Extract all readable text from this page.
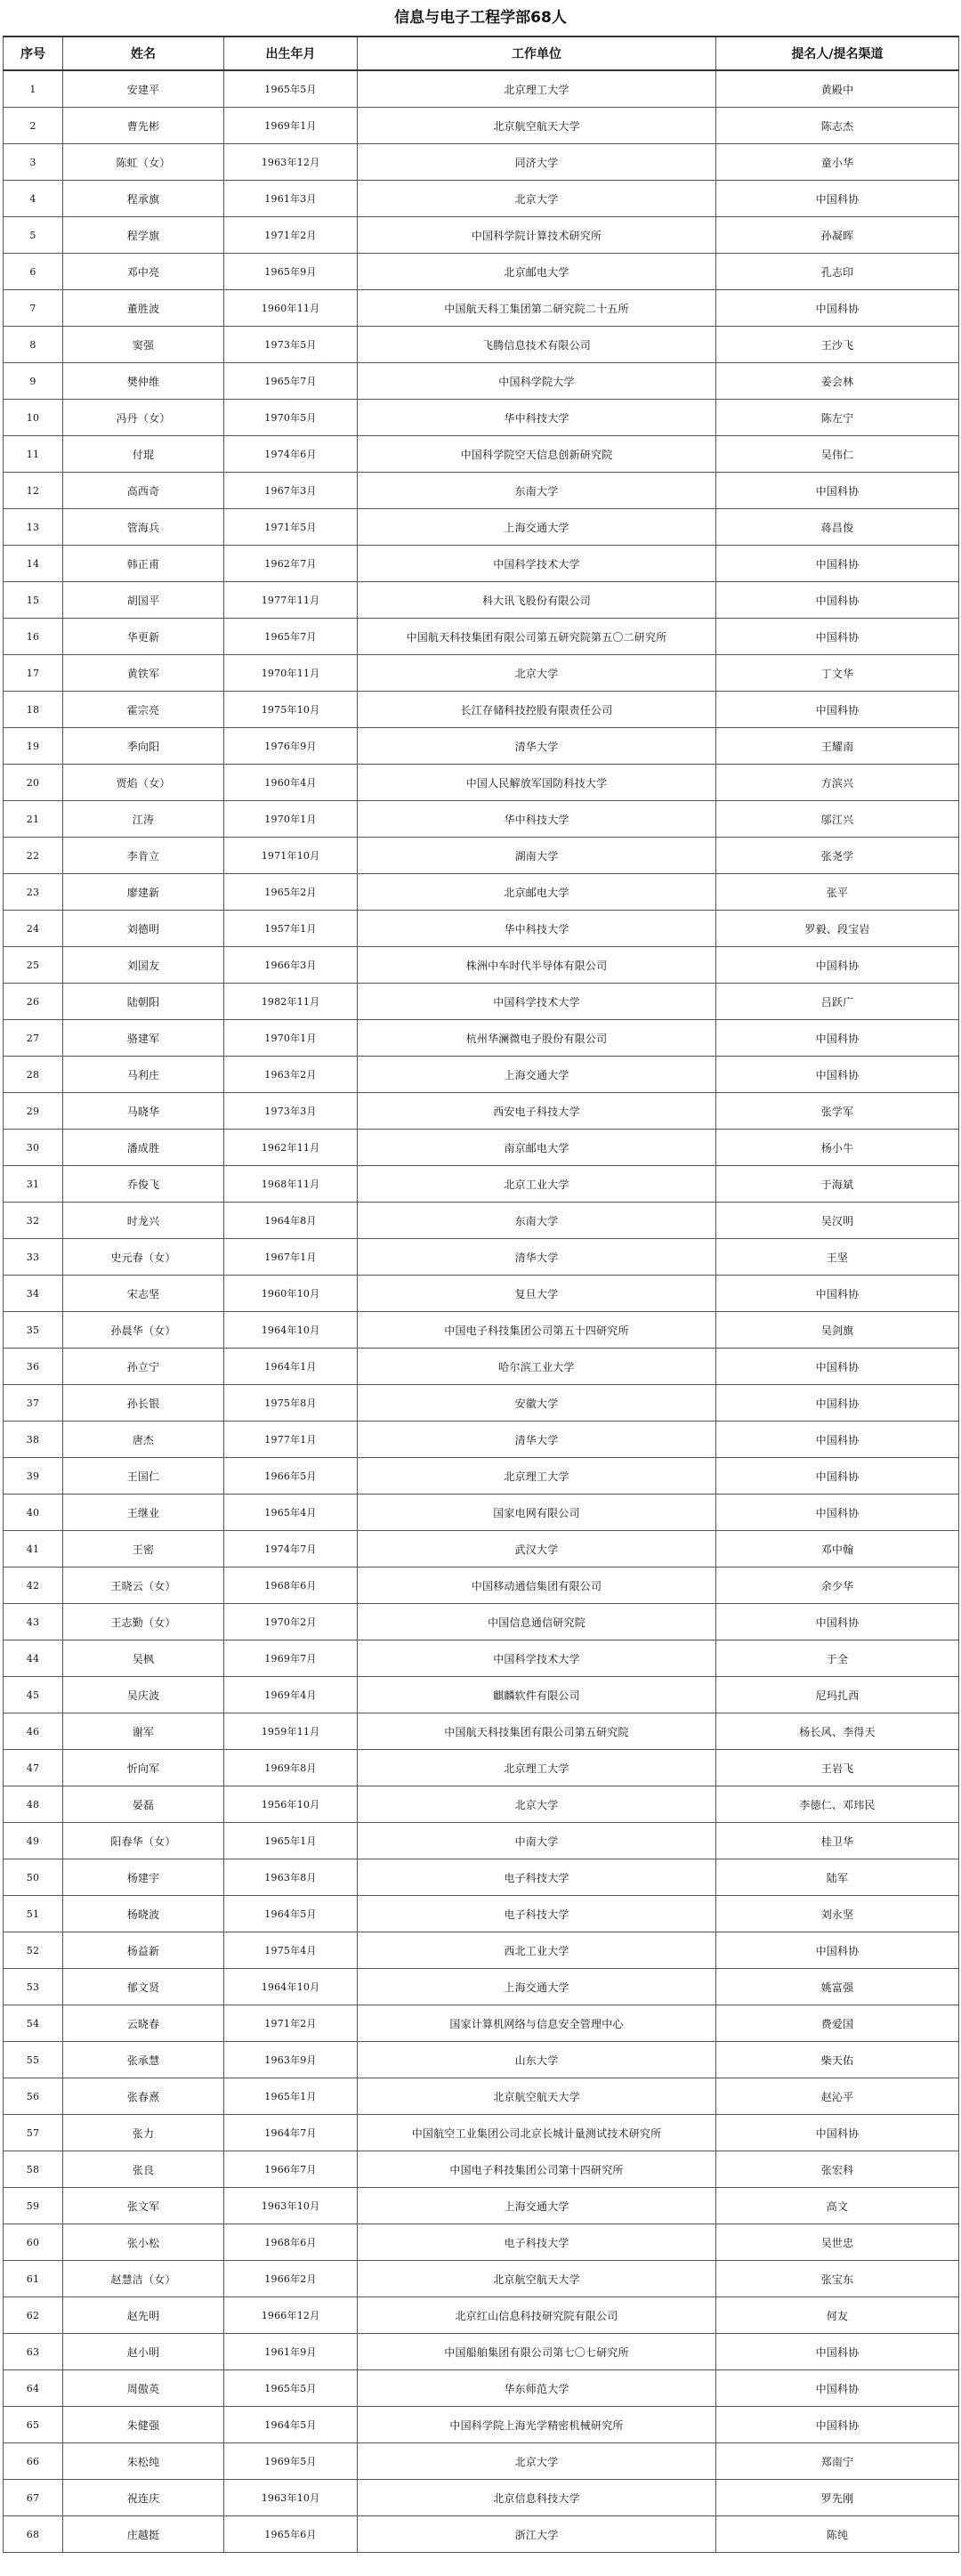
信息与电子工程学部68人
序号	姓名	出生年月	工作单位	提名人/提名渠道
1	安建平	1965年5月	北京理工大学	黄殿中
2	曹先彬	1969年1月	北京航空航天大学	陈志杰
3	陈虹（女）	1963年12月	同济大学	童小华
4	程承旗	1961年3月	北京大学	中国科协
5	程学旗	1971年2月	中国科学院计算技术研究所	孙凝晖
6	邓中亮	1965年9月	北京邮电大学	孔志印
7	董胜波	1960年11月	中国航天科工集团第二研究院二十五所	中国科协
8	窦强	1973年5月	飞腾信息技术有限公司	王沙飞
9	樊仲维	1965年7月	中国科学院大学	姜会林
10	冯丹（女）	1970年5月	华中科技大学	陈左宁
11	付琨	1974年6月	中国科学院空天信息创新研究院	吴伟仁
12	高西奇	1967年3月	东南大学	中国科协
13	管海兵	1971年5月	上海交通大学	蒋昌俊
14	韩正甫	1962年7月	中国科学技术大学	中国科协
15	胡国平	1977年11月	科大讯飞股份有限公司	中国科协
16	华更新	1965年7月	中国航天科技集团有限公司第五研究院第五〇二研究所	中国科协
17	黄铁军	1970年11月	北京大学	丁文华
18	霍宗亮	1975年10月	长江存储科技控股有限责任公司	中国科协
19	季向阳	1976年9月	清华大学	王耀南
20	贾焰（女）	1960年4月	中国人民解放军国防科技大学	方滨兴
21	江涛	1970年1月	华中科技大学	邬江兴
22	李肯立	1971年10月	湖南大学	张尧学
23	廖建新	1965年2月	北京邮电大学	张平
24	刘德明	1957年1月	华中科技大学	罗毅、段宝岩
25	刘国友	1966年3月	株洲中车时代半导体有限公司	中国科协
26	陆朝阳	1982年11月	中国科学技术大学	吕跃广
27	骆建军	1970年1月	杭州华澜微电子股份有限公司	中国科协
28	马利庄	1963年2月	上海交通大学	中国科协
29	马晓华	1973年3月	西安电子科技大学	张学军
30	潘成胜	1962年11月	南京邮电大学	杨小牛
31	乔俊飞	1968年11月	北京工业大学	于海斌
32	时龙兴	1964年8月	东南大学	吴汉明
33	史元春（女）	1967年1月	清华大学	王坚
34	宋志坚	1960年10月	复旦大学	中国科协
35	孙晨华（女）	1964年10月	中国电子科技集团公司第五十四研究所	吴剑旗
36	孙立宁	1964年1月	哈尔滨工业大学	中国科协
37	孙长银	1975年8月	安徽大学	中国科协
38	唐杰	1977年1月	清华大学	中国科协
39	王国仁	1966年5月	北京理工大学	中国科协
40	王继业	1965年4月	国家电网有限公司	中国科协
41	王密	1974年7月	武汉大学	邓中翰
42	王晓云（女）	1968年6月	中国移动通信集团有限公司	余少华
43	王志勤（女）	1970年2月	中国信息通信研究院	中国科协
44	吴枫	1969年7月	中国科学技术大学	于全
45	吴庆波	1969年4月	麒麟软件有限公司	尼玛扎西
46	谢军	1959年11月	中国航天科技集团有限公司第五研究院	杨长风、李得天
47	忻向军	1969年8月	北京理工大学	王岩飞
48	晏磊	1956年10月	北京大学	李徳仁、邓玮民
49	阳春华（女）	1965年1月	中南大学	桂卫华
50	杨建宇	1963年8月	电子科技大学	陆军
51	杨晓波	1964年5月	电子科技大学	刘永坚
52	杨益新	1975年4月	西北工业大学	中国科协
53	郁文贤	1964年10月	上海交通大学	姚富强
54	云晓春	1971年2月	国家计算机网络与信息安全管理中心	费爱国
55	张承慧	1963年9月	山东大学	柴天佑
56	张春熹	1965年1月	北京航空航天大学	赵沁平
57	张力	1964年7月	中国航空工业集团公司北京长城计量测试技术研究所	中国科协
58	张良	1966年7月	中国电子科技集团公司第十四研究所	张宏科
59	张文军	1963年10月	上海交通大学	高文
60	张小松	1968年6月	电子科技大学	吴世忠
61	赵慧洁（女）	1966年2月	北京航空航天大学	张宝东
62	赵先明	1966年12月	北京红山信息科技研究院有限公司	何友
63	赵小明	1961年9月	中国船舶集团有限公司第七〇七研究所	中国科协
64	周傲英	1965年5月	华东师范大学	中国科协
65	朱健强	1964年5月	中国科学院上海光学精密机械研究所	中国科协
66	朱松纯	1969年5月	北京大学	郑南宁
67	祝连庆	1963年10月	北京信息科技大学	罗先刚
68	庄越挺	1965年6月	浙江大学	陈纯
